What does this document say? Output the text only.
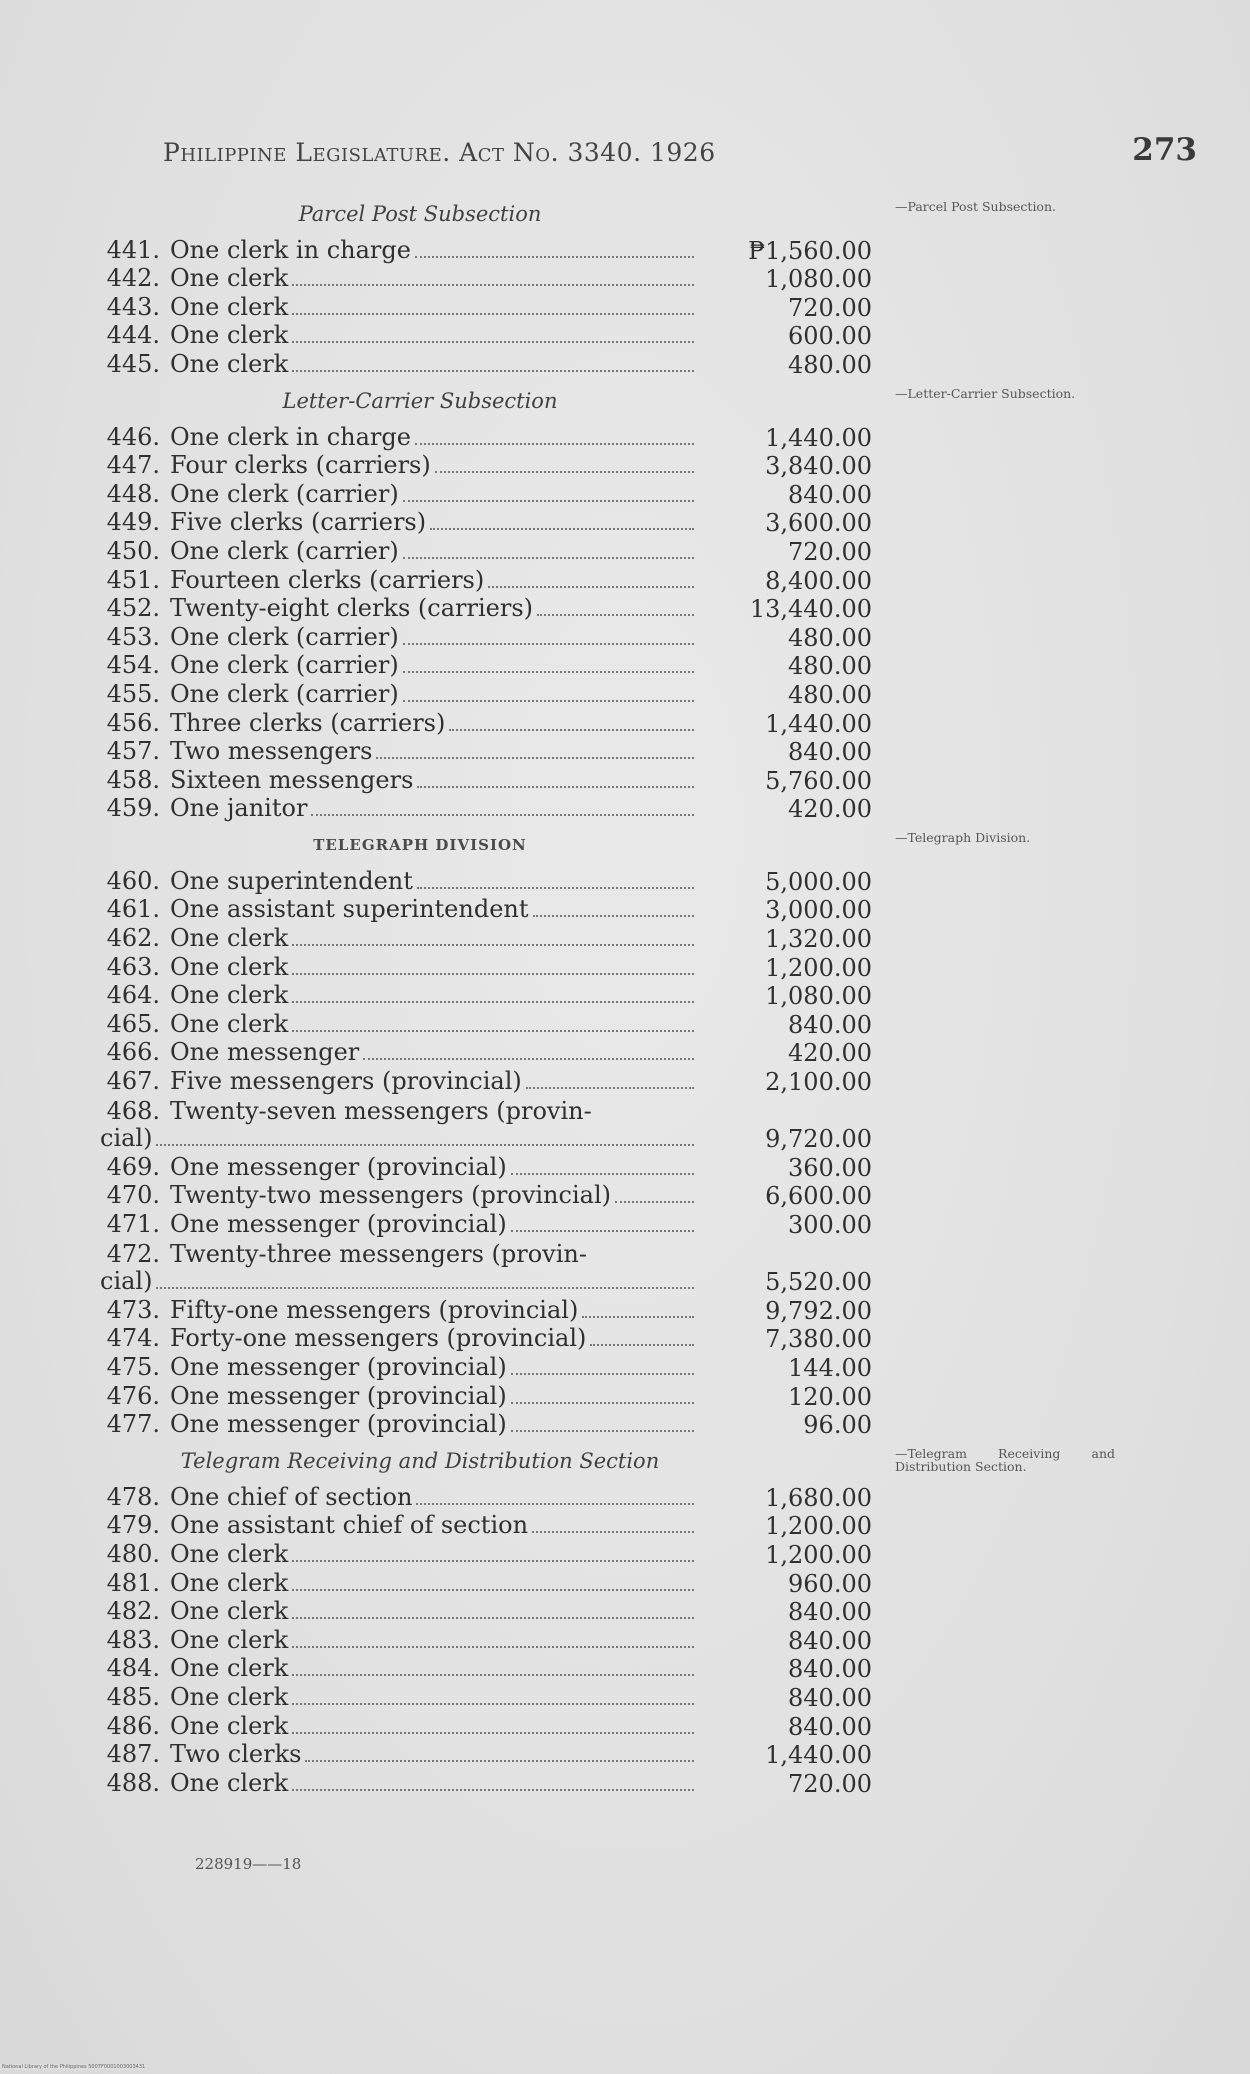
Philippine Legislature. Act No. 3340. 1926	273
Parcel Post Subsection	—Parcel Post Subsection.
441. One clerk in charge	₱1,560.00
442. One clerk	1,080.00
443. One clerk	720.00
444. One clerk	600.00
445. One clerk	480.00
Letter-Carrier Subsection	—Letter-Carrier Subsection.
446. One clerk in charge	1,440.00
447. Four clerks (carriers)	3,840.00
448. One clerk (carrier)	840.00
449. Five clerks (carriers)	3,600.00
450. One clerk (carrier)	720.00
451. Fourteen clerks (carriers)	8,400.00
452. Twenty-eight clerks (carriers)	13,440.00
453. One clerk (carrier)	480.00
454. One clerk (carrier)	480.00
455. One clerk (carrier)	480.00
456. Three clerks (carriers)	1,440.00
457. Two messengers	840.00
458. Sixteen messengers	5,760.00
459. One janitor	420.00
TELEGRAPH DIVISION	—Telegraph Division.
460. One superintendent	5,000.00
461. One assistant superintendent	3,000.00
462. One clerk	1,320.00
463. One clerk	1,200.00
464. One clerk	1,080.00
465. One clerk	840.00
466. One messenger	420.00
467. Five messengers (provincial)	2,100.00
468. Twenty-seven messengers (provin-
cial)	9,720.00
469. One messenger (provincial)	360.00
470. Twenty-two messengers (provincial)	6,600.00
471. One messenger (provincial)	300.00
472. Twenty-three messengers (provin-
cial)	5,520.00
473. Fifty-one messengers (provincial)	9,792.00
474. Forty-one messengers (provincial)	7,380.00
475. One messenger (provincial)	144.00
476. One messenger (provincial)	120.00
477. One messenger (provincial)	96.00
Telegram Receiving and Distribution Section	—Telegram Receiving and Distribution Section.
478. One chief of section	1,680.00
479. One assistant chief of section	1,200.00
480. One clerk	1,200.00
481. One clerk	960.00
482. One clerk	840.00
483. One clerk	840.00
484. One clerk	840.00
485. One clerk	840.00
486. One clerk	840.00
487. Two clerks	1,440.00
488. One clerk	720.00
228919——18
National Library of the Philippines 5007F0001003003431
